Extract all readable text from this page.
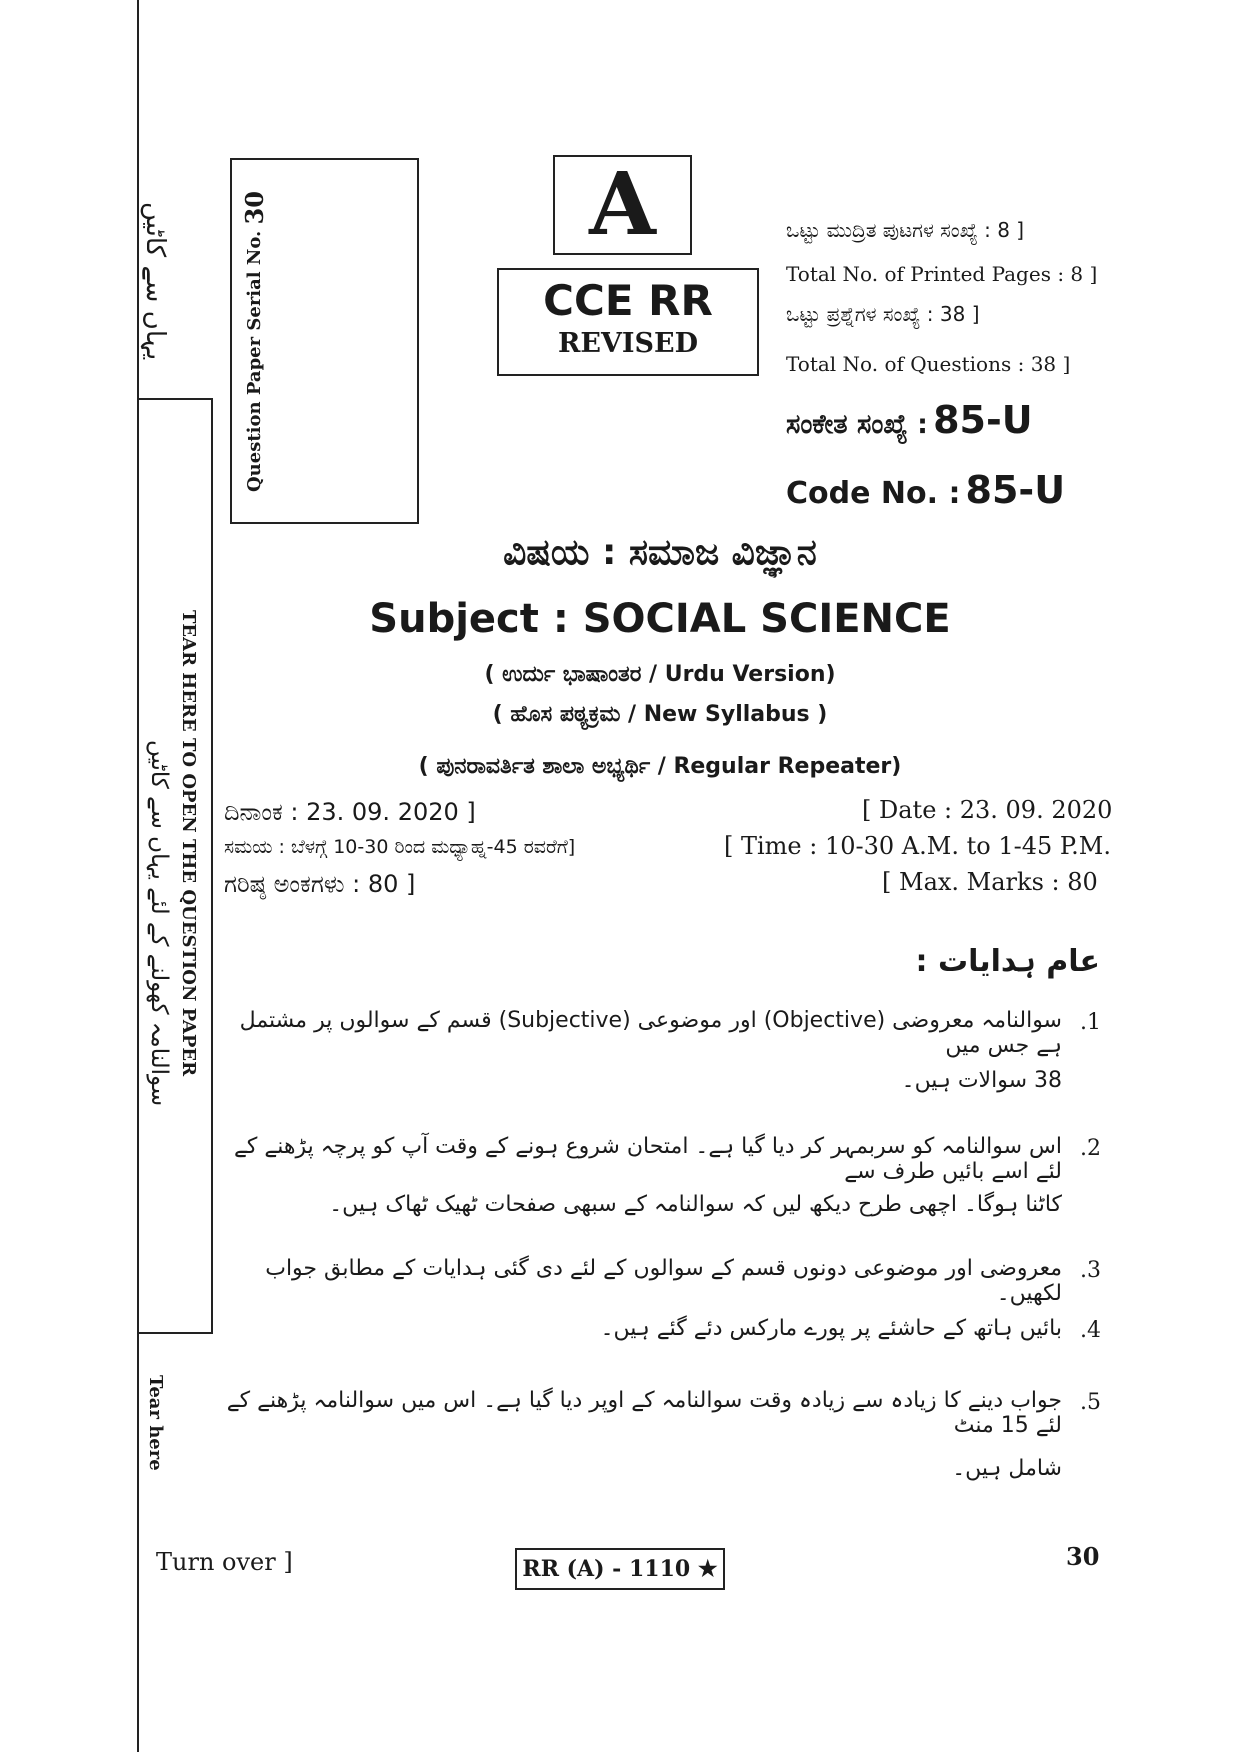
یہاں سے کاٹیں
TEAR HERE TO OPEN THE QUESTION PAPER
سوالنامہ کھولنے کے لئے یہاں سے کاٹیں
Tear here
Question Paper Serial No. 30	A
CCE RR
REVISED
ಒಟ್ಟು ಮುದ್ರಿತ ಪುಟಗಳ ಸಂಖ್ಯೆ : 8 ]
Total No. of Printed Pages : 8 ]
ಒಟ್ಟು ಪ್ರಶ್ನೆಗಳ ಸಂಖ್ಯೆ : 38 ]
Total No. of Questions : 38 ]
ಸಂಕೇತ ಸಂಖ್ಯೆ : 85-U
Code No. : 85-U
ವಿಷಯ : ಸಮಾಜ ವಿಜ್ಞಾನ
Subject : SOCIAL SCIENCE
( ಉರ್ದು ಭಾಷಾಂತರ / Urdu Version)
( ಹೊಸ ಪಠ್ಯಕ್ರಮ / New Syllabus )
( ಪುನರಾವರ್ತಿತ ಶಾಲಾ ಅಭ್ಯರ್ಥಿ / Regular Repeater)
ದಿನಾಂಕ : 23. 09. 2020 ]	[ Date : 23. 09. 2020
ಸಮಯ : ಬೆಳಗ್ಗೆ 10-30 ರಿಂದ ಮಧ್ಯಾಹ್ನ-45 ರವರೆಗೆ]	[ Time : 10-30 A.M. to 1-45 P.M.
ಗರಿಷ್ಠ ಅಂಕಗಳು : 80 ]	[ Max. Marks : 80
عام ہدایات :
.1
سوالنامہ معروضی (Objective) اور موضوعی (Subjective) قسم کے سوالوں پر مشتمل ہے جس میں
38 سوالات ہیں۔
.2
اس سوالنامہ کو سربمہر کر دیا گیا ہے۔ امتحان شروع ہونے کے وقت آپ کو پرچہ پڑھنے کے لئے اسے بائیں طرف سے
کاٹنا ہوگا۔ اچھی طرح دیکھ لیں کہ سوالنامہ کے سبھی صفحات ٹھیک ٹھاک ہیں۔
.3
معروضی اور موضوعی دونوں قسم کے سوالوں کے لئے دی گئی ہدایات کے مطابق جواب لکھیں۔
.4
بائیں ہاتھ کے حاشئے پر پورے مارکس دئے گئے ہیں۔
.5
جواب دینے کا زیادہ سے زیادہ وقت سوالنامہ کے اوپر دیا گیا ہے۔ اس میں سوالنامہ پڑھنے کے لئے 15 منٹ
شامل ہیں۔
Turn over ]	RR (A) - 1110 ★	30
